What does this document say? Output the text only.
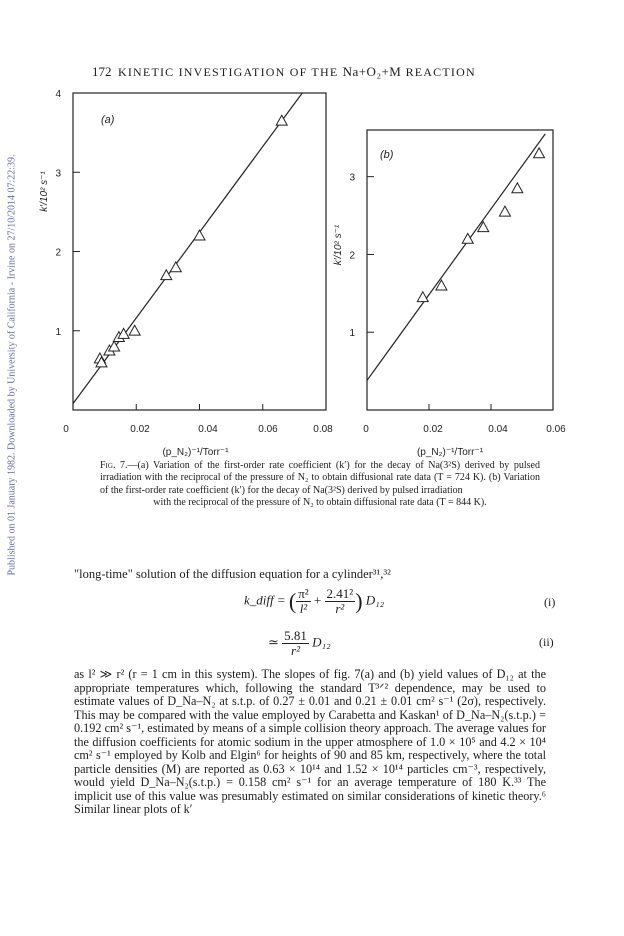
Published on 01 January 1982. Downloaded by University of California - Irvine on 27/10/2014 07:22:39.
172 KINETIC INVESTIGATION OF THE Na+O₂+M REACTION
0	0.02	0.04	0.06	0.08
1
2
3
4
(a)
k′/10² s⁻¹
(p_N₂)⁻¹/Torr⁻¹
0	0.02	0.04	0.06
1
2
3
(b)
k′/10² s⁻¹
(p_N₂)⁻¹/Torr⁻¹
Fig. 7.—(a) Variation of the first-order rate coefficient (k′) for the decay of Na(3²S) derived by pulsed irradiation with the reciprocal of the pressure of N₂ to obtain diffusional rate data (T = 724 K). (b) Variation of the first-order rate coefficient (k′) for the decay of Na(3²S) derived by pulsed irradiation
with the reciprocal of the pressure of N₂ to obtain diffusional rate data (T = 844 K).
"long-time" solution of the diffusion equation for a cylinder³¹,³²
k_diff = ( $\frac{\text{π²}}{\text{l²}} + \frac{\text{2.41²}}{\text{r²}}$ ) D₁₂	(i)
≃ $\frac{5.81}{\text{r²}} D_{12}$	(ii)
as l² ≫ r² (r = 1 cm in this system). The slopes of fig. 7(a) and (b) yield values of D₁₂ at the appropriate temperatures which, following the standard T³ᐟ² dependence, may be used to estimate values of D_Na–N₂ at s.t.p. of 0.27 ± 0.01 and 0.21 ± 0.01 cm² s⁻¹ (2σ), respectively. This may be compared with the value employed by Carabetta and Kaskan¹ of D_Na–N₂(s.t.p.) = 0.192 cm² s⁻¹, estimated by means of a simple collision theory approach. The average values for the diffusion coefficients for atomic sodium in the upper atmosphere of 1.0 × 10⁵ and 4.2 × 10⁴ cm² s⁻¹ employed by Kolb and Elgin⁶ for heights of 90 and 85 km, respectively, where the total particle densities (M) are reported as 0.63 × 10¹⁴ and 1.52 × 10¹⁴ particles cm⁻³, respectively, would yield D_Na–N₂(s.t.p.) = 0.158 cm² s⁻¹ for an average temperature of 180 K.³³ The implicit use of this value was presumably estimated on similar considerations of kinetic theory.⁶ Similar linear plots of k′
